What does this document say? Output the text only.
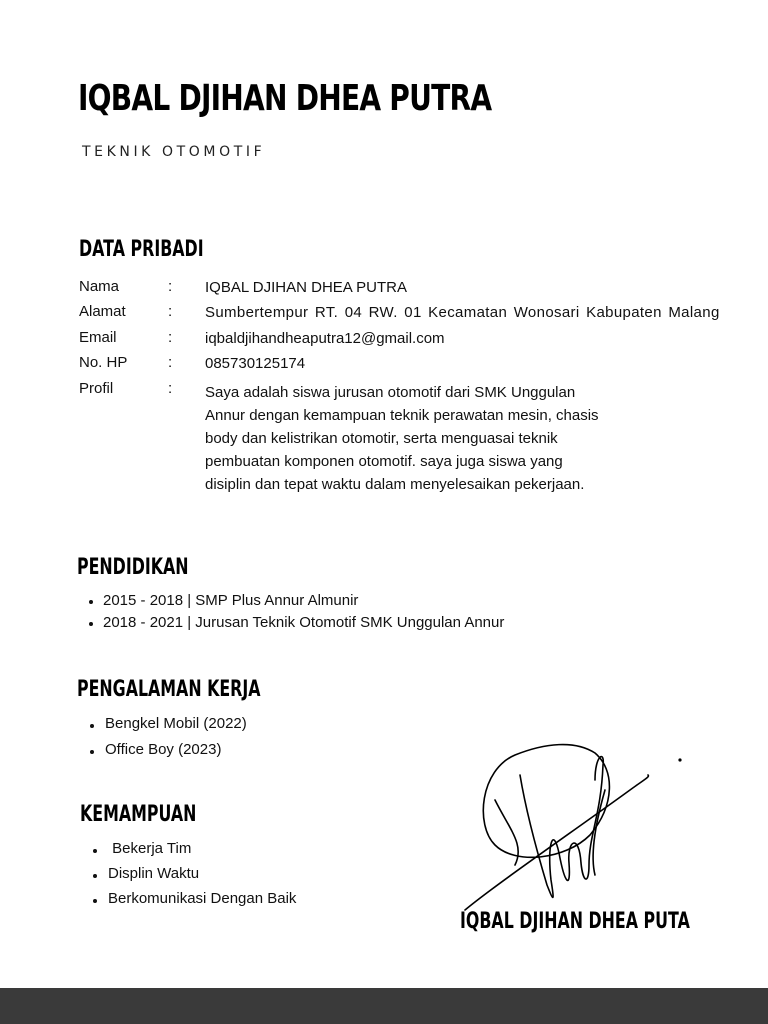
IQBAL DJIHAN DHEA PUTRA
TEKNIK OTOMOTIF
DATA PRIBADI
Nama	: IQBAL DJIHAN DHEA PUTRA
Alamat	: Sumbertempur RT. 04 RW. 01 Kecamatan Wonosari Kabupaten Malang
Email	: iqbaldjihandheaputra12@gmail.com
No. HP	: 085730125174
Profil	: Saya adalah siswa jurusan otomotif dari SMK Unggulan
Annur dengan kemampuan teknik perawatan mesin, chasis
body dan kelistrikan otomotir, serta menguasai teknik
pembuatan komponen otomotif. saya juga siswa yang
disiplin dan tepat waktu dalam menyelesaikan pekerjaan.
PENDIDIKAN
2015 - 2018 | SMP Plus Annur Almunir
2018 - 2021 | Jurusan Teknik Otomotif SMK Unggulan Annur
PENGALAMAN KERJA
Bengkel Mobil (2022)
Office Boy (2023)
KEMAMPUAN
Bekerja Tim
Displin Waktu
Berkomunikasi Dengan Baik
IQBAL DJIHAN DHEA PUTA
